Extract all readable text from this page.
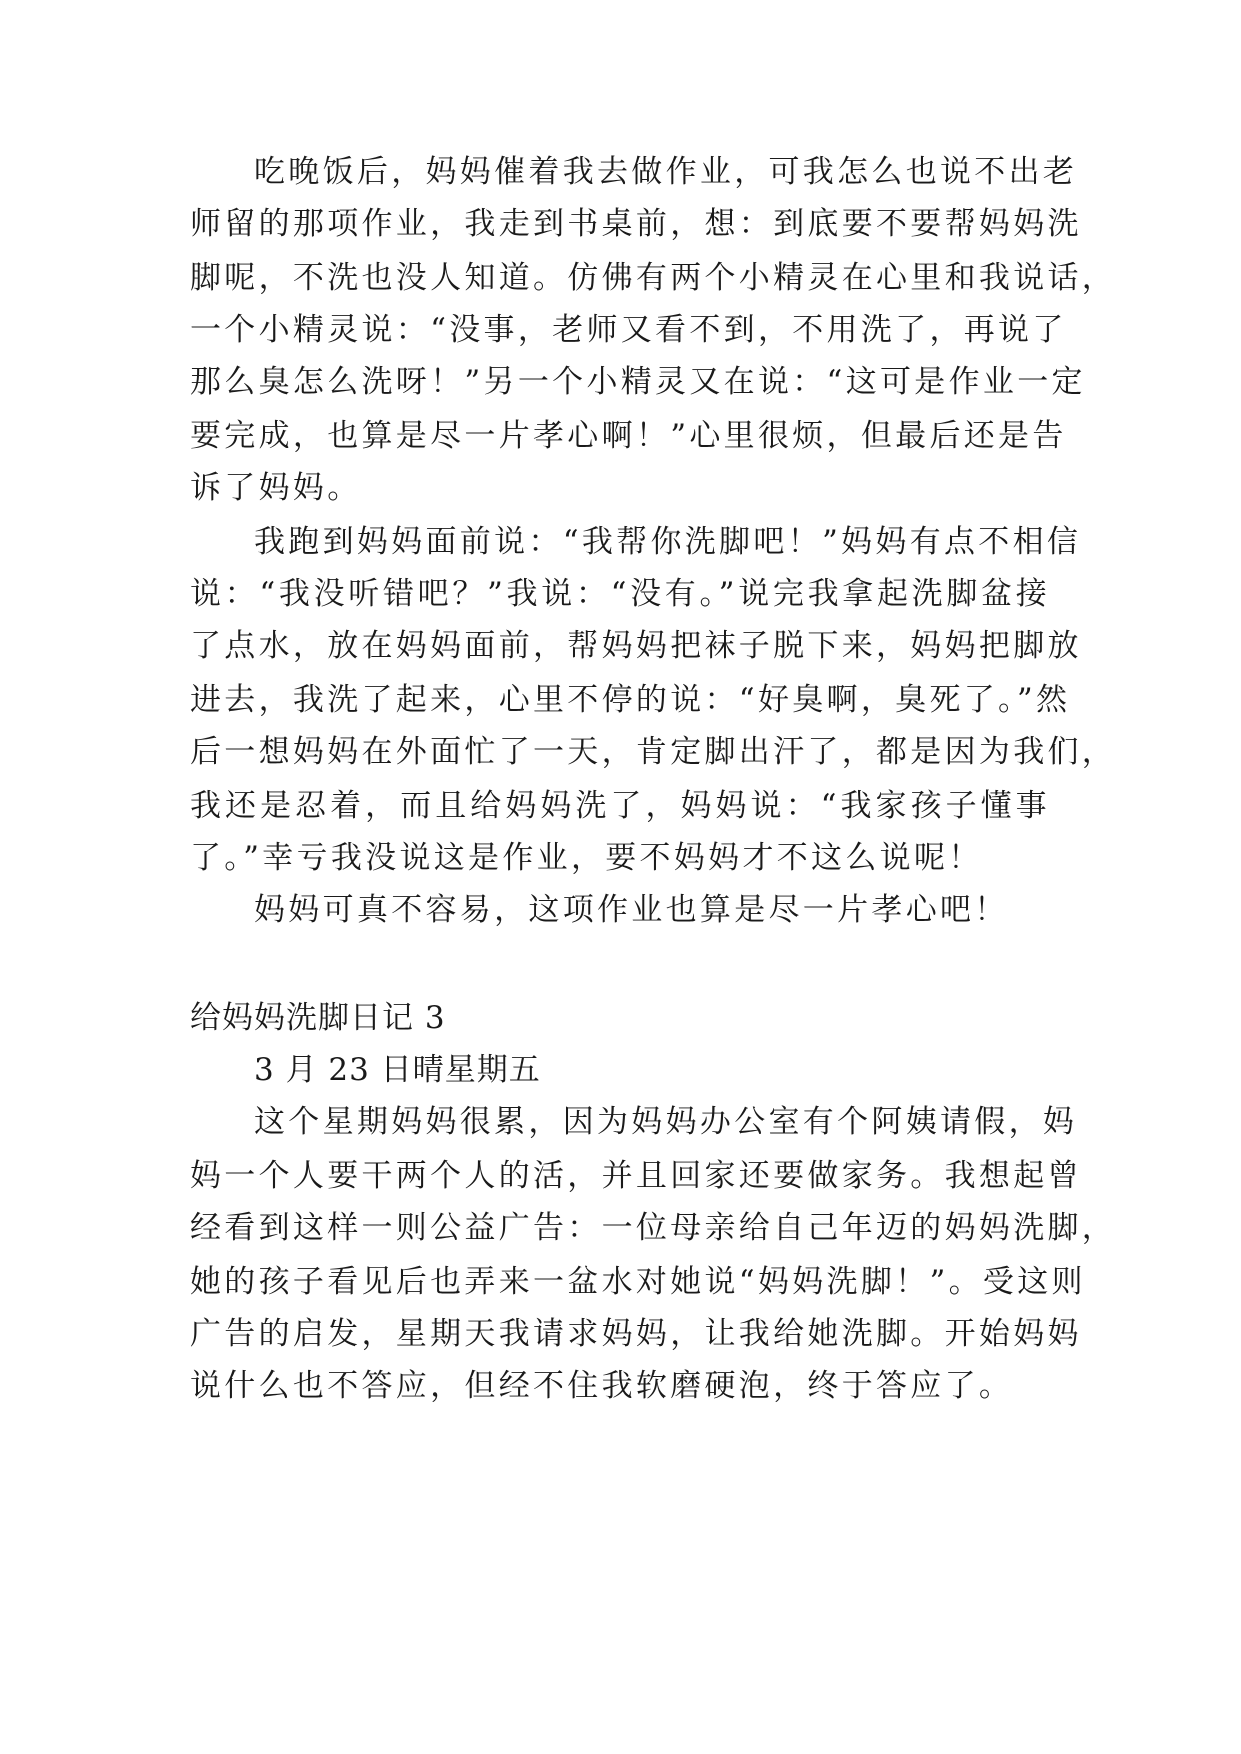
吃晚饭后，妈妈催着我去做作业，可我怎么也说不出老
师留的那项作业，我走到书桌前，想：到底要不要帮妈妈洗
脚呢，不洗也没人知道。仿佛有两个小精灵在心里和我说话，
一个小精灵说：“没事，老师又看不到，不用洗了，再说了
那么臭怎么洗呀！”另一个小精灵又在说：“这可是作业一定
要完成，也算是尽一片孝心啊！”心里很烦，但最后还是告
诉了妈妈。
我跑到妈妈面前说：“我帮你洗脚吧！”妈妈有点不相信
说：“我没听错吧？”我说：“没有。”说完我拿起洗脚盆接
了点水，放在妈妈面前，帮妈妈把袜子脱下来，妈妈把脚放
进去，我洗了起来，心里不停的说：“好臭啊，臭死了。”然
后一想妈妈在外面忙了一天，肯定脚出汗了，都是因为我们，
我还是忍着，而且给妈妈洗了，妈妈说：“我家孩子懂事
了。”幸亏我没说这是作业，要不妈妈才不这么说呢！
妈妈可真不容易，这项作业也算是尽一片孝心吧！
给妈妈洗脚日记 3
3 月 23 日晴星期五
这个星期妈妈很累，因为妈妈办公室有个阿姨请假，妈
妈一个人要干两个人的活，并且回家还要做家务。我想起曾
经看到这样一则公益广告：一位母亲给自己年迈的妈妈洗脚，
她的孩子看见后也弄来一盆水对她说“妈妈洗脚！”。受这则
广告的启发，星期天我请求妈妈，让我给她洗脚。开始妈妈
说什么也不答应，但经不住我软磨硬泡，终于答应了。
